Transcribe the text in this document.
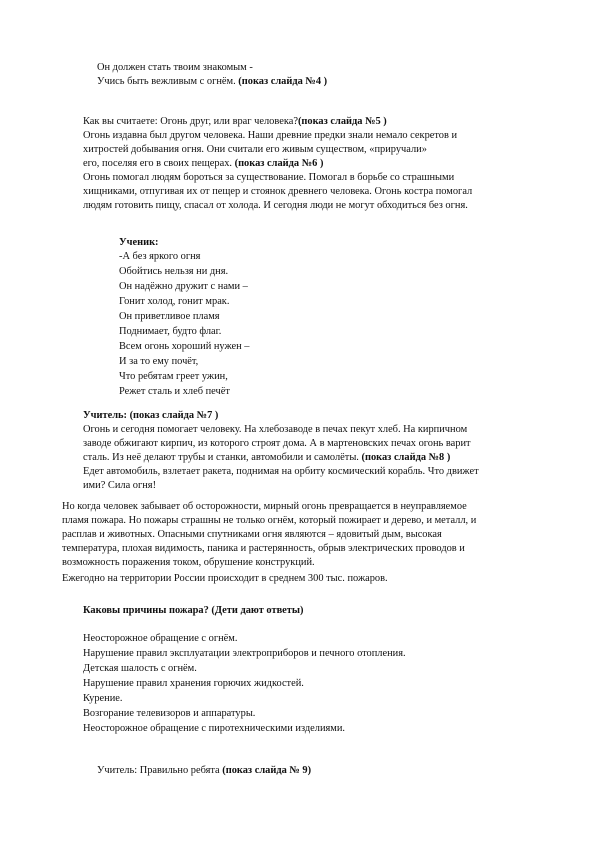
Он должен стать твоим знакомым -
Учись быть вежливым с огнём. (показ слайда №4 )
Как вы считаете: Огонь друг, или враг человека?(показ слайда №5 )
Огонь издавна был другом человека. Наши древние предки знали немало секретов и
хитростей добывания огня. Они считали его живым существом, «приручали»
его, поселяя его в своих пещерах. (показ слайда №6 )
Огонь помогал людям бороться за существование. Помогал в борьбе со страшными
хищниками, отпугивая их от пещер и стоянок древнего человека. Огонь костра помогал
людям готовить пищу, спасал от холода. И сегодня люди не могут обходиться без огня.
Ученик:
-А без яркого огня
Обойтись нельзя ни дня.
Он надёжно дружит с нами –
Гонит холод, гонит мрак.
Он приветливое пламя
Поднимает, будто флаг.
Всем огонь хороший нужен –
И за то ему почёт,
Что ребятам греет ужин,
Режет сталь и хлеб печёт
Учитель: (показ слайда №7 )
Огонь и сегодня помогает человеку. На хлебозаводе в печах пекут хлеб. На кирпичном
заводе обжигают кирпич, из которого строят дома. А в мартеновских печах огонь варит
сталь. Из неё делают трубы и станки, автомобили и самолёты. (показ слайда №8 )
Едет автомобиль, взлетает ракета, поднимая на орбиту космический корабль. Что движет
ими? Сила огня!
Но когда человек забывает об осторожности, мирный огонь превращается в неуправляемое
пламя пожара. Но пожары страшны не только огнём, который пожирает и дерево, и металл, и
расплав и животных. Опасными спутниками огня являются – ядовитый дым, высокая
температура, плохая видимость, паника и растерянность, обрыв электрических проводов и
возможность поражения током, обрушение конструкций.
Ежегодно на территории России происходит в среднем 300 тыс. пожаров.
Каковы причины пожара? (Дети дают ответы)
Неосторожное обращение с огнём.
Нарушение правил эксплуатации электроприборов и печного отопления.
Детская шалость с огнём.
Нарушение правил хранения горючих жидкостей.
Курение.
Возгорание телевизоров и аппаратуры.
Неосторожное обращение с пиротехническими изделиями.
Учитель: Правильно ребята (показ слайда № 9)
